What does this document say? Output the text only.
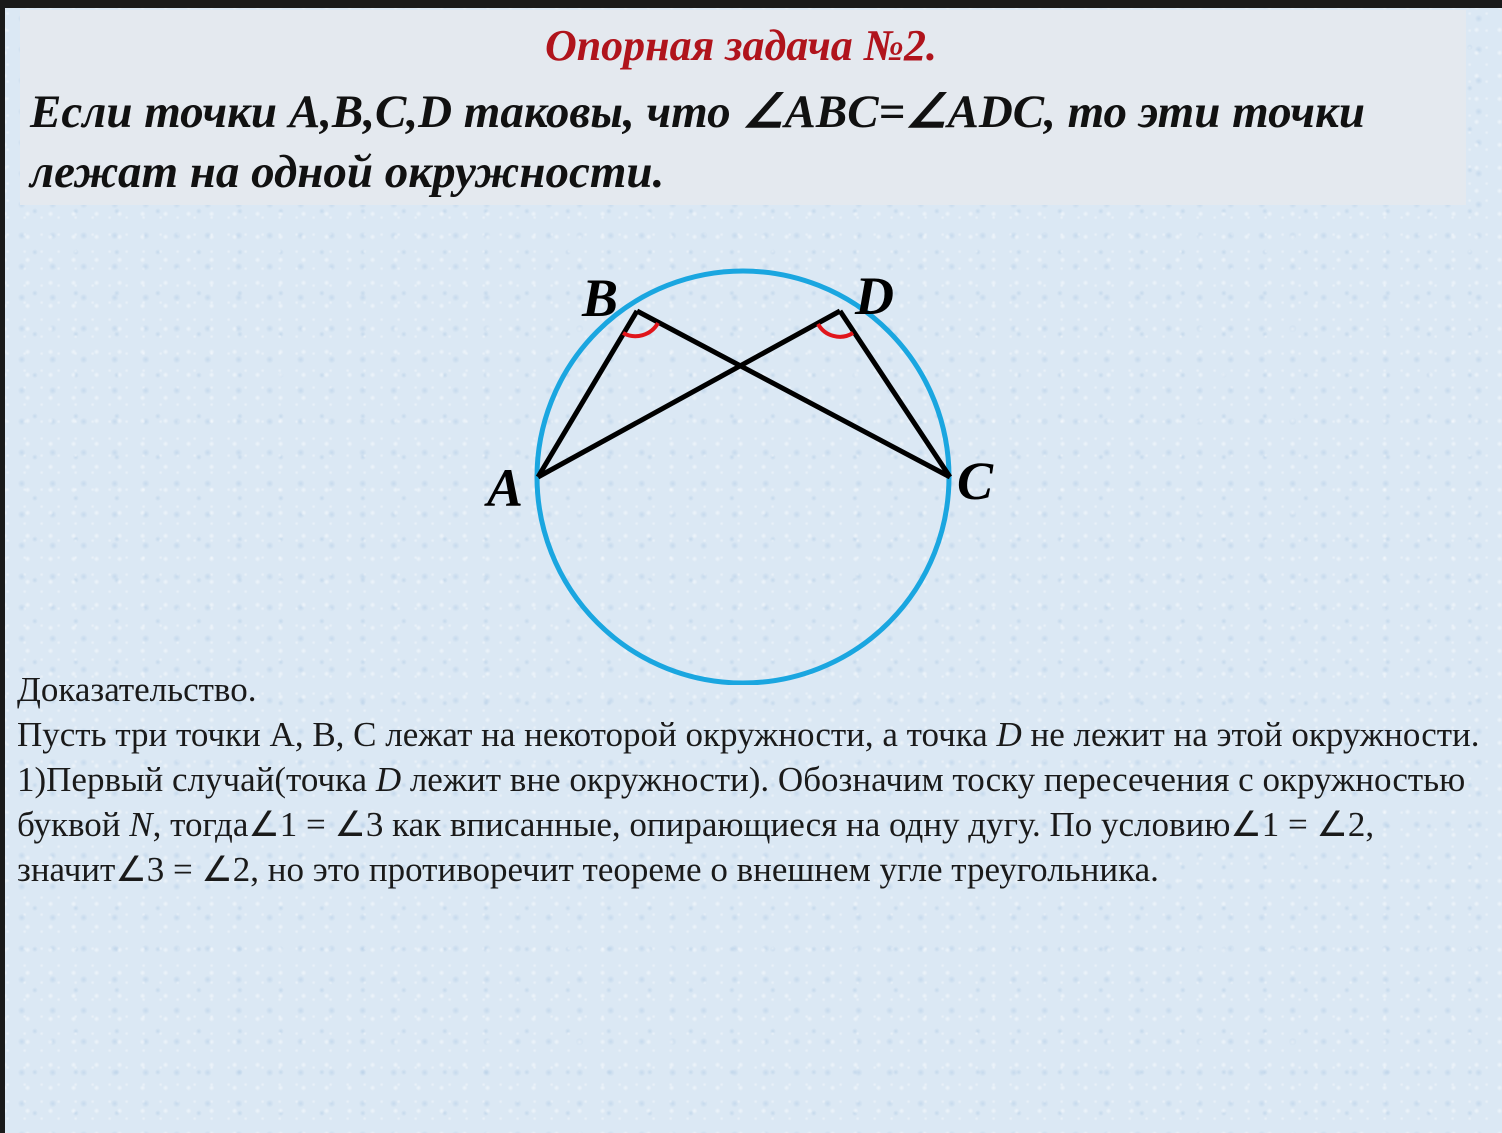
Опорная задача №2.

Если точки A,B,C,D таковы, что ∠ABC=∠ADC, то эти точки лежат на одной окружности.

B	D
A	C

Доказательство.

Пусть три точки A, B, C лежат на некоторой окружности, а точка D не лежит на этой окружности.

1)Первый случай(точка D лежит вне окружности). Обозначим тоску пересечения с окружностью буквой N, тогда∠1 = ∠3 как вписанные, опирающиеся на одну дугу. По условию∠1 = ∠2, значит∠3 = ∠2, но это противоречит теореме о внешнем угле треугольника.
